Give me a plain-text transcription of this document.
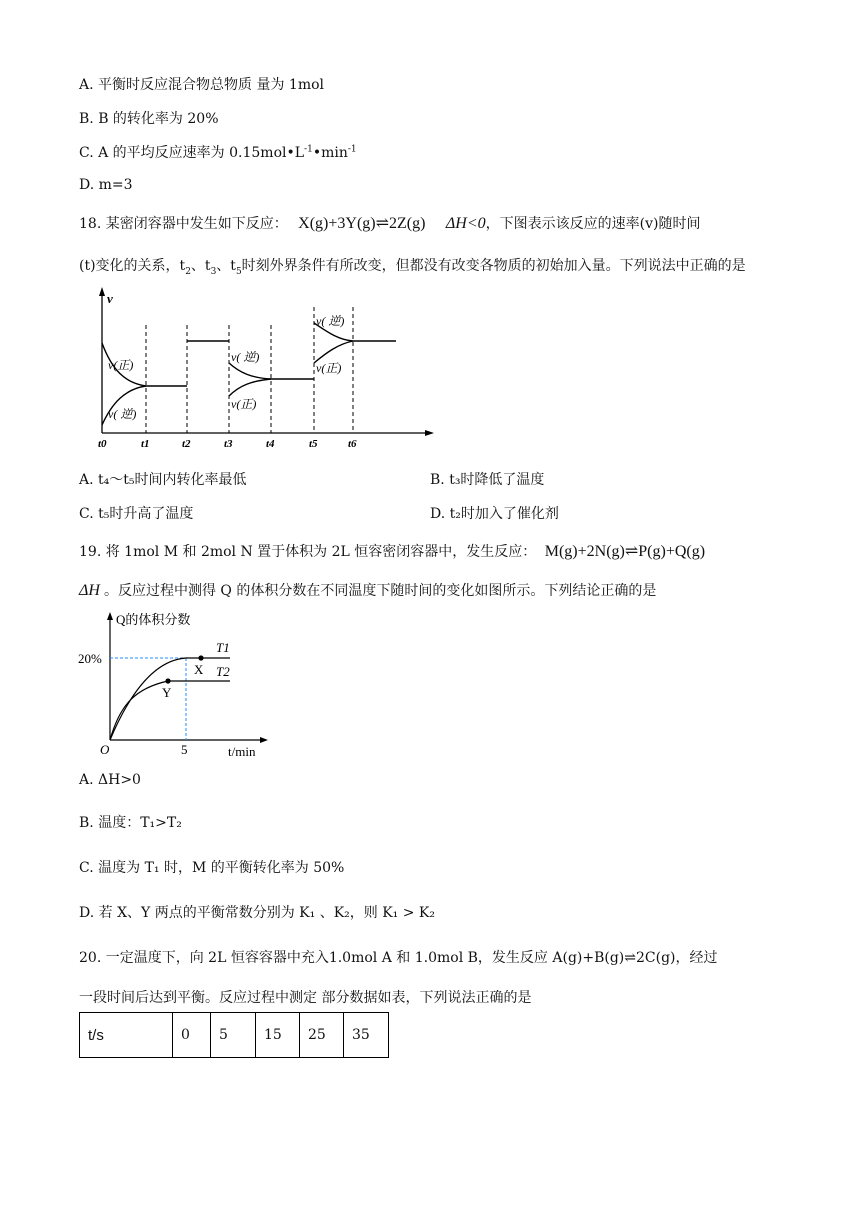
A. 平衡时反应混合物总物质 量为 1mol
B. B 的转化率为 20%
C. A 的平均反应速率为 $0.15mol•L^{-1}•\min^{-1}$
D. m=3
18. 某密闭容器中发生如下反应： X(g)+3Y(g)⇌2Z(g) ΔH<0，下图表示该反应的速率(v)随时间
(t)变化的关系，$t_2$、$t_3$、$t_5$时刻外界条件有所改变，但都没有改变各物质的初始加入量。下列说法中正确的是
v
v(正)
v( 逆)
v( 逆)
v(正)
v( 逆)
v(正)
t0	t1	t2	t3	t4	t5	t6
A. t₄～t₅时间内转化率最低	B. t₃时降低了温度
C. t₅时升高了温度	D. t₂时加入了催化剂
19. 将 1mol M 和 2mol N 置于体积为 2L 恒容密闭容器中，发生反应： M(g)+2N(g)⇌P(g)+Q(g)
ΔH 。反应过程中测得 Q 的体积分数在不同温度下随时间的变化如图所示。下列结论正确的是
Q的体积分数
X
Y
T1
T2
20%
5
O	t/min
A. ΔH>0
B. 温度：T₁>T₂
C. 温度为 T₁ 时，M 的平衡转化率为 50%
D. 若 X、Y 两点的平衡常数分别为 K₁ 、K₂，则 K₁ > K₂
20. 一定温度下，向 2L 恒容容器中充入1.0mol A 和 1.0mol B，发生反应 A(g)+B(g)⇌2C(g)，经过
一段时间后达到平衡。反应过程中测定 部分数据如表，下列说法正确的是
t/s	0	5	15	25	35
